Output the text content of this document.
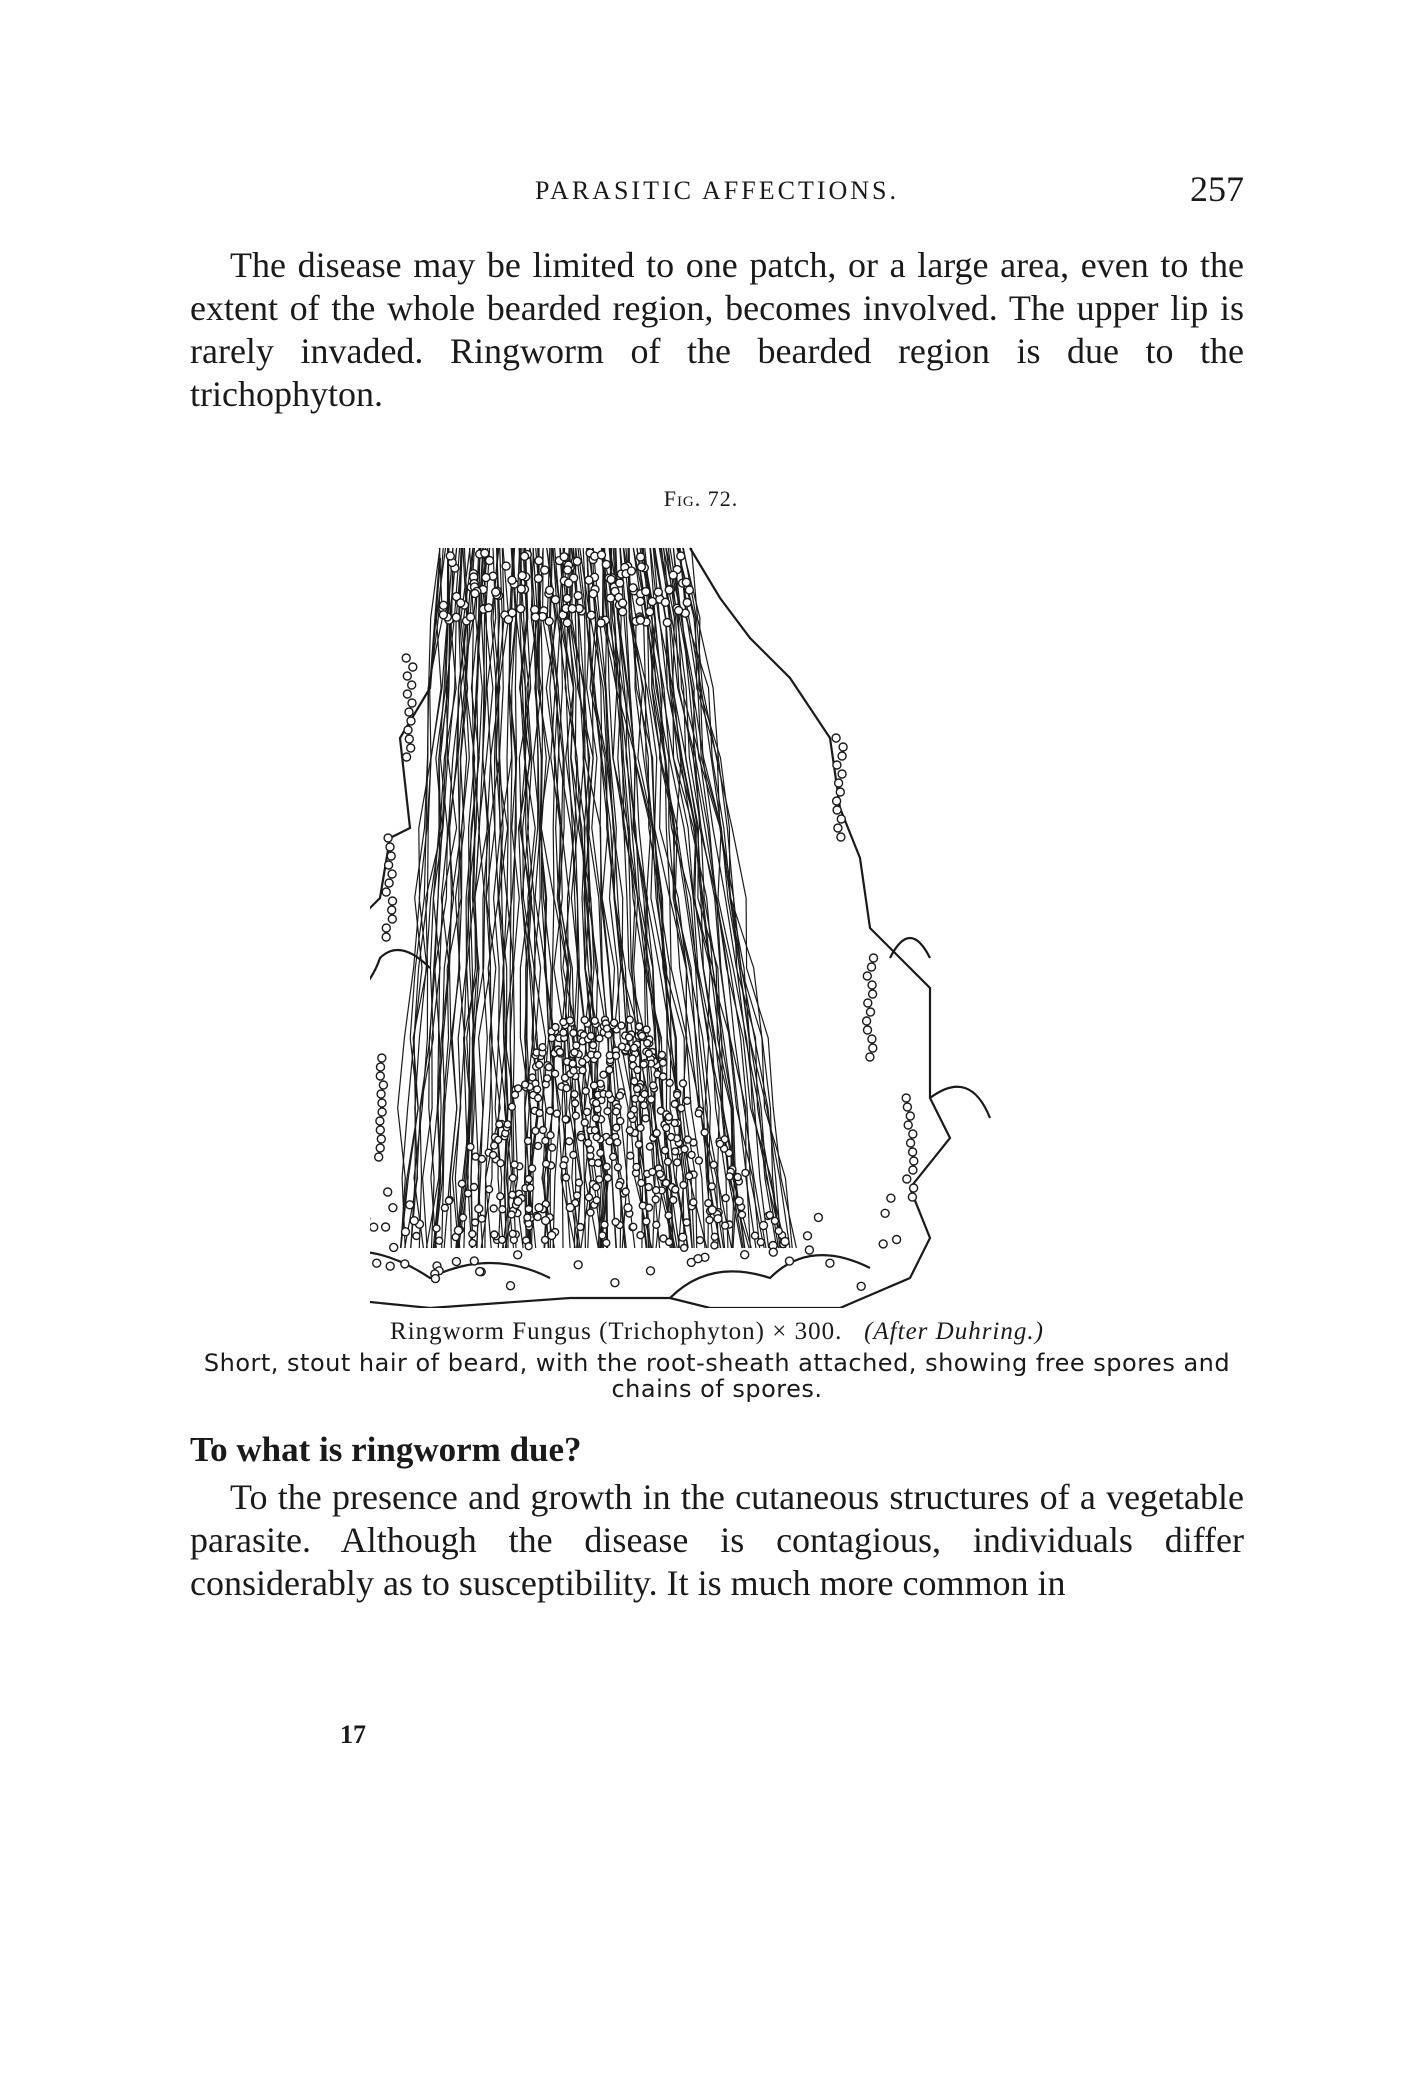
PARASITIC AFFECTIONS.	257

The disease may be limited to one patch, or a large area, even to the extent of the whole bearded region, becomes involved. The upper lip is rarely invaded. Ringworm of the bearded region is due to the trichophyton.

Fig. 72.

Ringworm Fungus (Trichophyton) × 300. (After Duhring.)

Short, stout hair of beard, with the root-sheath attached, showing free spores and chains of spores.

To what is ringworm due?

To the presence and growth in the cutaneous structures of a vegetable parasite. Although the disease is contagious, individuals differ considerably as to susceptibility. It is much more common in

17
